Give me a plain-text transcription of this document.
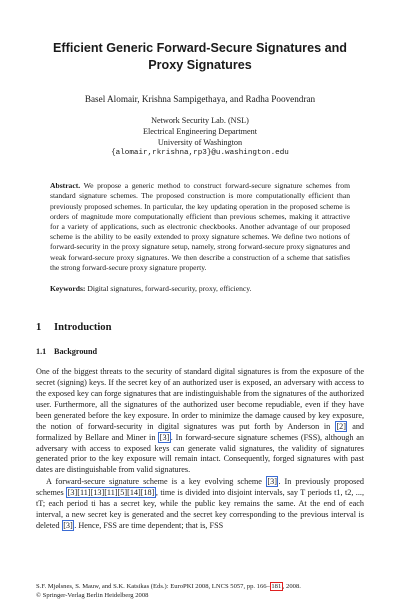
Efficient Generic Forward-Secure Signatures and Proxy Signatures
Basel Alomair, Krishna Sampigethaya, and Radha Poovendran
Network Security Lab. (NSL)
Electrical Engineering Department
University of Washington
{alomair,rkrishna,rp3}@u.washington.edu
Abstract. We propose a generic method to construct forward-secure signature schemes from standard signature schemes. The proposed construction is more computationally efficient than previously proposed schemes. In particular, the key updating operation in the proposed scheme is orders of magnitude more computationally efficient than previous schemes, making it attractive for a variety of applications, such as electronic checkbooks. Another advantage of our proposed scheme is the ability to be easily extended to proxy signature schemes. We define two notions of forward-security in the proxy signature setup, namely, strong forward-secure proxy signatures and weak forward-secure proxy signatures. We then describe a construction of a scheme that satisfies the strong forward-secure proxy signature property.
Keywords: Digital signatures, forward-security, proxy, efficiency.
1 Introduction
1.1 Background
One of the biggest threats to the security of standard digital signatures is from the exposure of the secret (signing) keys. If the secret key of an authorized user is exposed, an adversary with access to the exposed key can forge signatures that are indistinguishable from the signatures of the authorized user. Furthermore, all the signatures of the authorized user become repudiable, even if they have been generated before the key exposure. In order to minimize the damage caused by key exposure, the notion of forward-security in digital signatures was put forth by Anderson in [2] and formalized by Bellare and Miner in [3] . In forward-secure signature schemes (FSS), although an adversary with access to exposed keys can generate valid signatures, the validity of signatures generated prior to the key exposure will remain intact. Consequently, forged signatures with past dates are distinguishable from valid signatures.
A forward-secure signature scheme is a key evolving scheme [3] . In previously proposed schemes [3][11][13][11][5][14][18] , time is divided into disjoint intervals, say T periods t1, t2, ..., tT; each period ti has a secret key, while the public key remains the same. At the end of each interval, a new secret key is generated and the secret key corresponding to the previous interval is deleted [3] . Hence, FSS are time dependent; that is, FSS
S.F. Mjølsnes, S. Mauw, and S.K. Katsikas (Eds.): EuroPKI 2008, LNCS 5057, pp. 166– 181 , 2008.
© Springer-Verlag Berlin Heidelberg 2008
